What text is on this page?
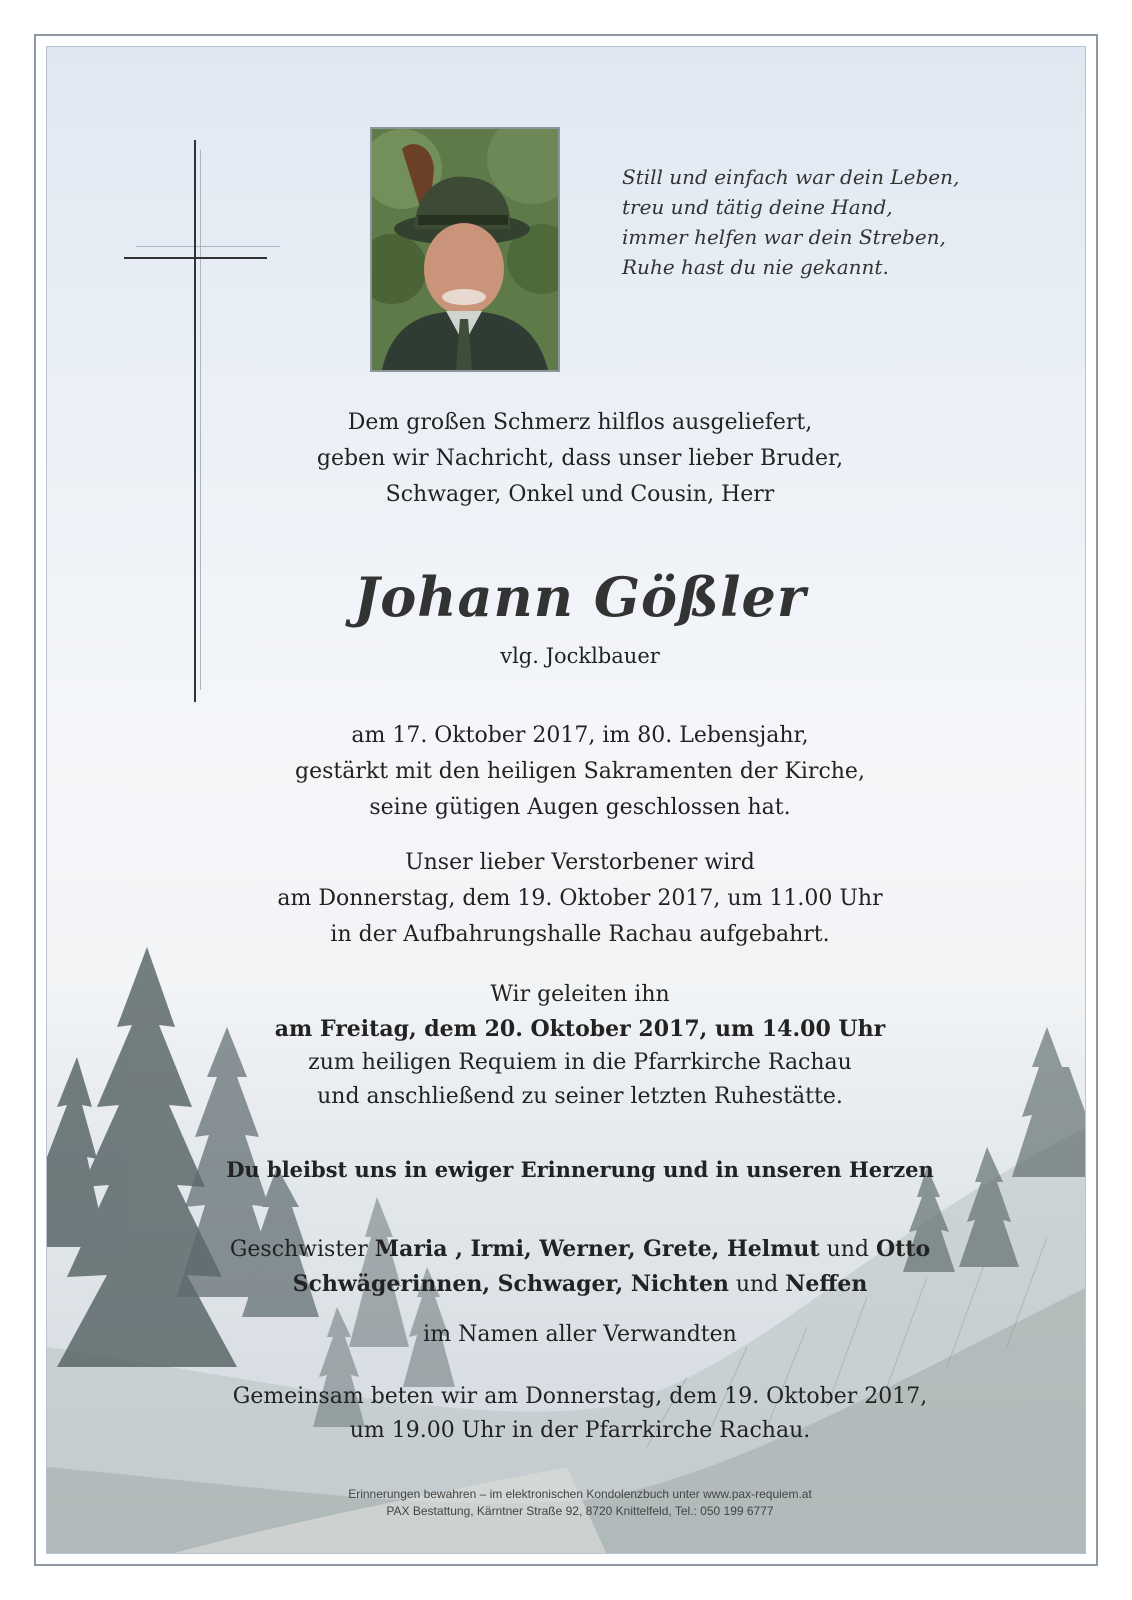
Still und einfach war dein Leben,
treu und tätig deine Hand,
immer helfen war dein Streben,
Ruhe hast du nie gekannt.
Dem großen Schmerz hilflos ausgeliefert,
geben wir Nachricht, dass unser lieber Bruder,
Schwager, Onkel und Cousin, Herr
Johann Gößler
vlg. Jocklbauer
am 17. Oktober 2017, im 80. Lebensjahr,
gestärkt mit den heiligen Sakramenten der Kirche,
seine gütigen Augen geschlossen hat.
Unser lieber Verstorbener wird
am Donnerstag, dem 19. Oktober 2017, um 11.00 Uhr
in der Aufbahrungshalle Rachau aufgebahrt.
Wir geleiten ihn
am Freitag, dem 20. Oktober 2017, um 14.00 Uhr
zum heiligen Requiem in die Pfarrkirche Rachau
und anschließend zu seiner letzten Ruhestätte.
Du bleibst uns in ewiger Erinnerung und in unseren Herzen
Geschwister Maria , Irmi, Werner, Grete, Helmut und Otto
Schwägerinnen, Schwager, Nichten und Neffen
im Namen aller Verwandten
Gemeinsam beten wir am Donnerstag, dem 19. Oktober 2017,
um 19.00 Uhr in der Pfarrkirche Rachau.
Erinnerungen bewahren – im elektronischen Kondolenzbuch unter www.pax-requiem.at
PAX Bestattung, Kärntner Straße 92, 8720 Knittelfeld, Tel.: 050 199 6777
